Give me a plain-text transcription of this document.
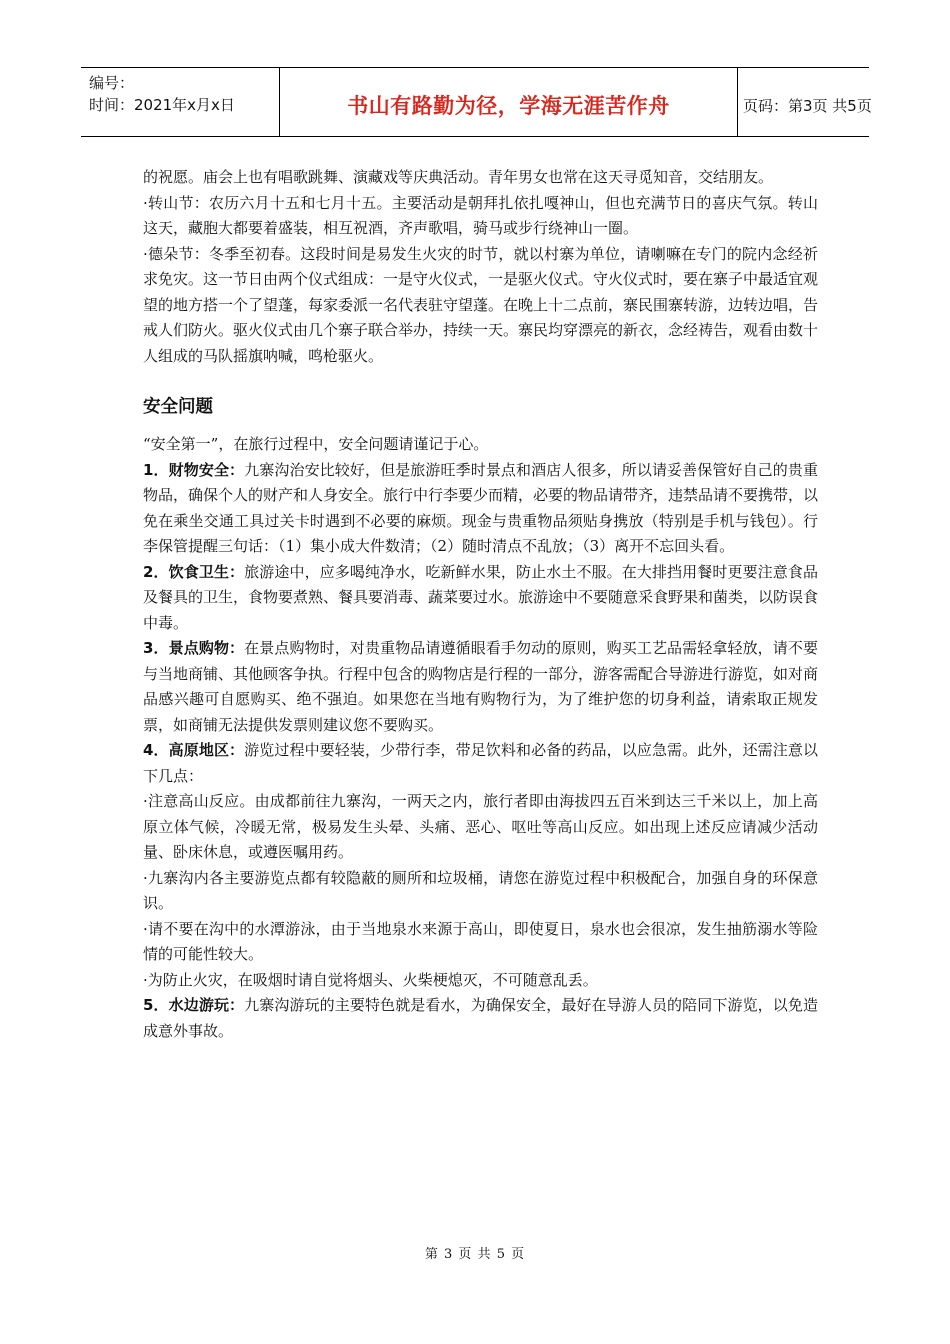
编号：
时间：2021年x月x日	书山有路勤为径，学海无涯苦作舟	页码：第3页 共5页

的祝愿。庙会上也有唱歌跳舞、演藏戏等庆典活动。青年男女也常在这天寻觅知音，交结朋友。

·转山节：农历六月十五和七月十五。主要活动是朝拜扎依扎嘎神山，但也充满节日的喜庆气氛。转山这天，藏胞大都要着盛装，相互祝酒，齐声歌唱，骑马或步行绕神山一圈。

·德朵节：冬季至初春。这段时间是易发生火灾的时节，就以村寨为单位，请喇嘛在专门的院内念经祈求免灾。这一节日由两个仪式组成：一是守火仪式，一是驱火仪式。守火仪式时，要在寨子中最适宜观望的地方搭一个了望蓬，每家委派一名代表驻守望蓬。在晚上十二点前，寨民围寨转游，边转边唱，告戒人们防火。驱火仪式由几个寨子联合举办，持续一天。寨民均穿漂亮的新衣，念经祷告，观看由数十人组成的马队摇旗呐喊，鸣枪驱火。

安全问题

“安全第一”，在旅行过程中，安全问题请谨记于心。

1．财物安全：九寨沟治安比较好，但是旅游旺季时景点和酒店人很多，所以请妥善保管好自己的贵重物品，确保个人的财产和人身安全。旅行中行李要少而精，必要的物品请带齐，违禁品请不要携带，以免在乘坐交通工具过关卡时遇到不必要的麻烦。现金与贵重物品须贴身携放（特别是手机与钱包）。行李保管提醒三句话：（1）集小成大件数清；（2）随时清点不乱放；（3）离开不忘回头看。

2．饮食卫生：旅游途中，应多喝纯净水，吃新鲜水果，防止水土不服。在大排挡用餐时更要注意食品及餐具的卫生，食物要煮熟、餐具要消毒、蔬菜要过水。旅游途中不要随意采食野果和菌类，以防误食中毒。

3．景点购物：在景点购物时，对贵重物品请遵循眼看手勿动的原则，购买工艺品需轻拿轻放，请不要与当地商铺、其他顾客争执。行程中包含的购物店是行程的一部分，游客需配合导游进行游览，如对商品感兴趣可自愿购买、绝不强迫。如果您在当地有购物行为，为了维护您的切身利益，请索取正规发票，如商铺无法提供发票则建议您不要购买。

4．高原地区：游览过程中要轻装，少带行李，带足饮料和必备的药品，以应急需。此外，还需注意以下几点：

·注意高山反应。由成都前往九寨沟，一两天之内，旅行者即由海拔四五百米到达三千米以上，加上高原立体气候，冷暖无常，极易发生头晕、头痛、恶心、呕吐等高山反应。如出现上述反应请减少活动量、卧床休息，或遵医嘱用药。

·九寨沟内各主要游览点都有较隐蔽的厕所和垃圾桶，请您在游览过程中积极配合，加强自身的环保意识。

·请不要在沟中的水潭游泳，由于当地泉水来源于高山，即使夏日，泉水也会很凉，发生抽筋溺水等险情的可能性较大。

·为防止火灾，在吸烟时请自觉将烟头、火柴梗熄灭，不可随意乱丢。

5．水边游玩：九寨沟游玩的主要特色就是看水，为确保安全，最好在导游人员的陪同下游览，以免造成意外事故。

第 3 页 共 5 页
